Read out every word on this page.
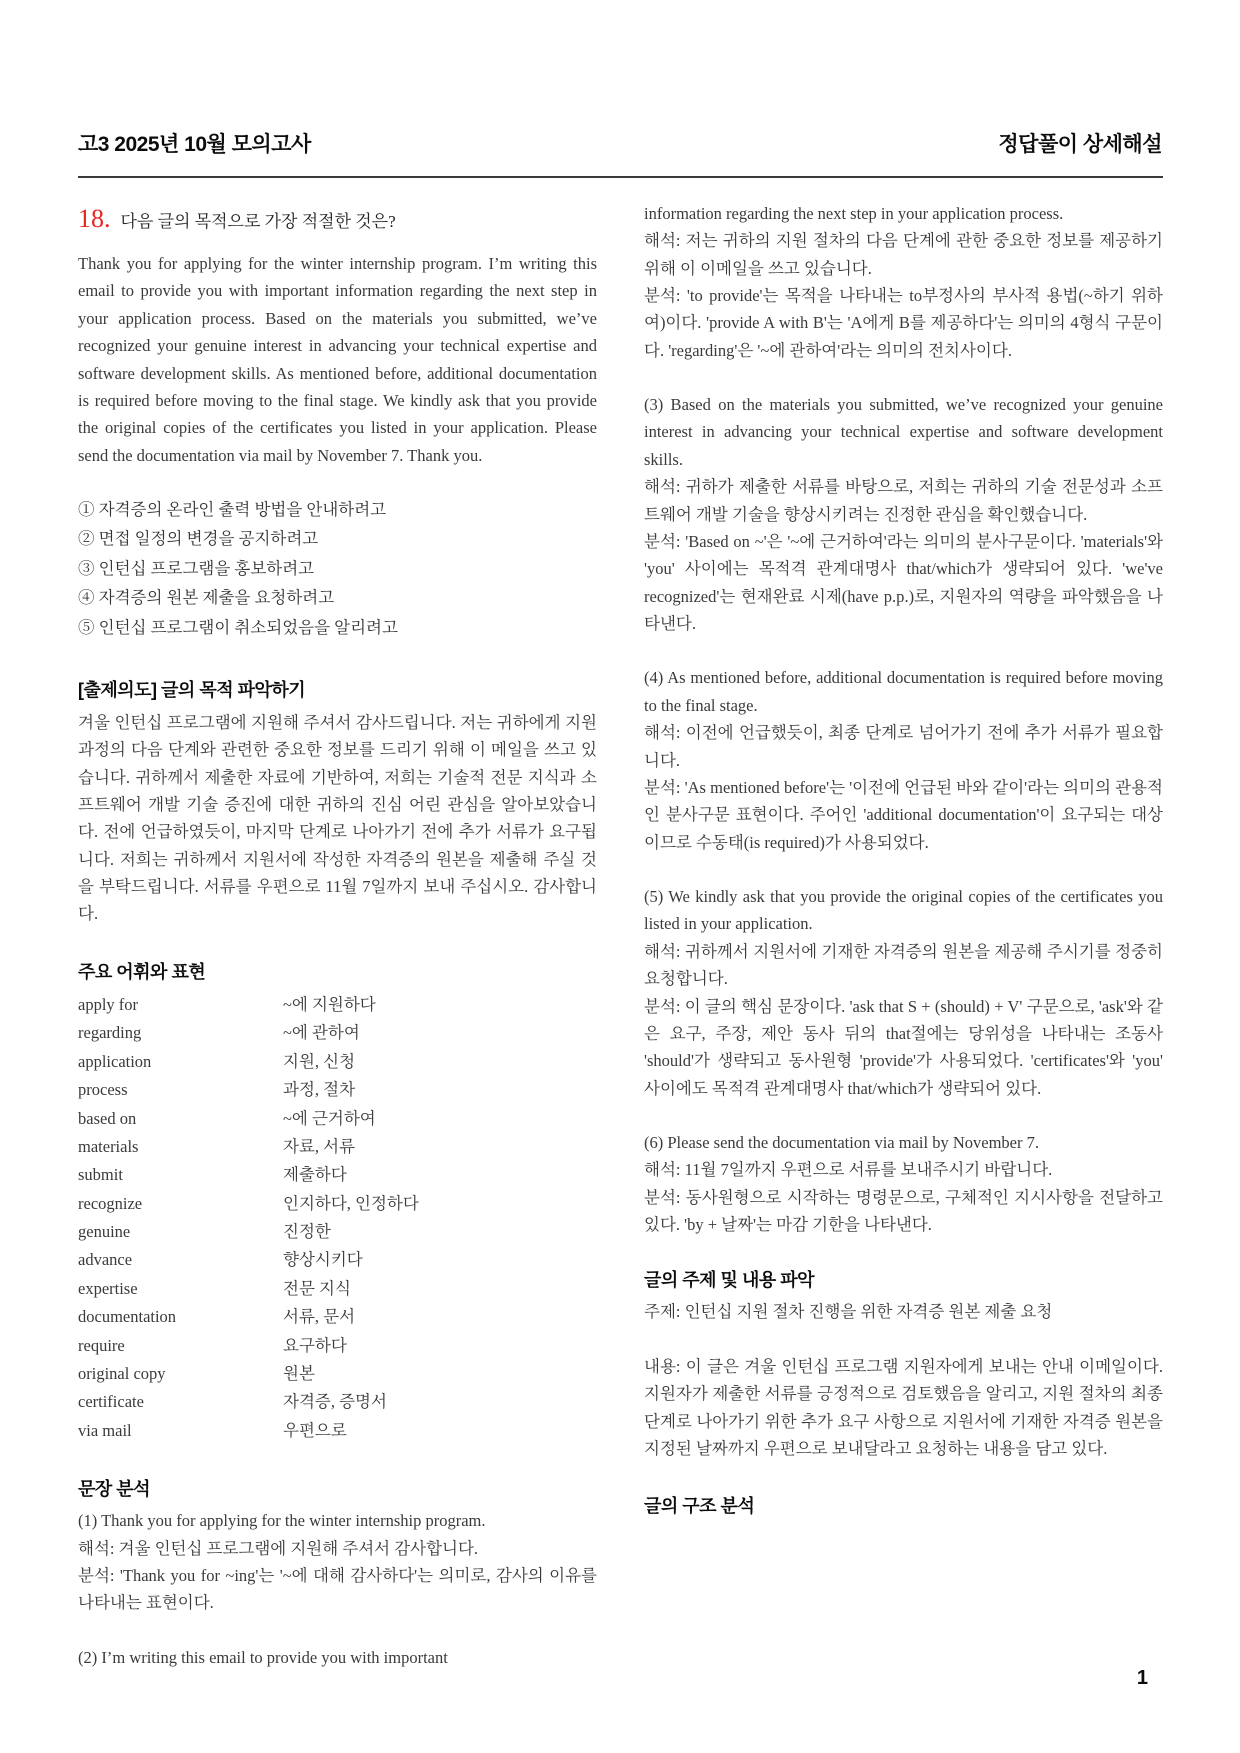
고3 2025년 10월 모의고사	정답풀이 상세해설
18. 다음 글의 목적으로 가장 적절한 것은?

Thank you for applying for the winter internship program. I’m writing this email to provide you with important information regarding the next step in your application process. Based on the materials you submitted, we’ve recognized your genuine interest in advancing your technical expertise and software development skills. As mentioned before, additional documentation is required before moving to the final stage. We kindly ask that you provide the original copies of the certificates you listed in your application. Please send the documentation via mail by November 7. Thank you.

① 자격증의 온라인 출력 방법을 안내하려고
② 면접 일정의 변경을 공지하려고
③ 인턴십 프로그램을 홍보하려고
④ 자격증의 원본 제출을 요청하려고
⑤ 인턴십 프로그램이 취소되었음을 알리려고
[출제의도] 글의 목적 파악하기

겨울 인턴십 프로그램에 지원해 주셔서 감사드립니다. 저는 귀하에게 지원 과정의 다음 단계와 관련한 중요한 정보를 드리기 위해 이 메일을 쓰고 있습니다. 귀하께서 제출한 자료에 기반하여, 저희는 기술적 전문 지식과 소프트웨어 개발 기술 증진에 대한 귀하의 진심 어린 관심을 알아보았습니다. 전에 언급하였듯이, 마지막 단계로 나아가기 전에 추가 서류가 요구됩니다. 저희는 귀하께서 지원서에 작성한 자격증의 원본을 제출해 주실 것을 부탁드립니다. 서류를 우편으로 11월 7일까지 보내 주십시오. 감사합니다.

주요 어휘와 표현
apply for	~에 지원하다
regarding	~에 관하여
application	지원, 신청
process	과정, 절차
based on	~에 근거하여
materials	자료, 서류
submit	제출하다
recognize	인지하다, 인정하다
genuine	진정한
advance	향상시키다
expertise	전문 지식
documentation	서류, 문서
require	요구하다
original copy	원본
certificate	자격증, 증명서
via mail	우편으로
문장 분석

(1) Thank you for applying for the winter internship program.

해석: 겨울 인턴십 프로그램에 지원해 주셔서 감사합니다.

분석: 'Thank you for ~ing'는 '~에 대해 감사하다'는 의미로, 감사의 이유를 나타내는 표현이다.

(2) I’m writing this email to provide you with important

information regarding the next step in your application process.

해석: 저는 귀하의 지원 절차의 다음 단계에 관한 중요한 정보를 제공하기 위해 이 이메일을 쓰고 있습니다.

분석: 'to provide'는 목적을 나타내는 to부정사의 부사적 용법(~하기 위하여)이다. 'provide A with B'는 'A에게 B를 제공하다'는 의미의 4형식 구문이다. 'regarding'은 '~에 관하여'라는 의미의 전치사이다.

(3) Based on the materials you submitted, we’ve recognized your genuine interest in advancing your technical expertise and software development skills.

해석: 귀하가 제출한 서류를 바탕으로, 저희는 귀하의 기술 전문성과 소프트웨어 개발 기술을 향상시키려는 진정한 관심을 확인했습니다.

분석: 'Based on ~'은 '~에 근거하여'라는 의미의 분사구문이다. 'materials'와 'you' 사이에는 목적격 관계대명사 that/which가 생략되어 있다. 'we've recognized'는 현재완료 시제(have p.p.)로, 지원자의 역량을 파악했음을 나타낸다.

(4) As mentioned before, additional documentation is required before moving to the final stage.

해석: 이전에 언급했듯이, 최종 단계로 넘어가기 전에 추가 서류가 필요합니다.

분석: 'As mentioned before'는 '이전에 언급된 바와 같이'라는 의미의 관용적인 분사구문 표현이다. 주어인 'additional documentation'이 요구되는 대상이므로 수동태(is required)가 사용되었다.

(5) We kindly ask that you provide the original copies of the certificates you listed in your application.

해석: 귀하께서 지원서에 기재한 자격증의 원본을 제공해 주시기를 정중히 요청합니다.

분석: 이 글의 핵심 문장이다. 'ask that S + (should) + V' 구문으로, 'ask'와 같은 요구, 주장, 제안 동사 뒤의 that절에는 당위성을 나타내는 조동사 'should'가 생략되고 동사원형 'provide'가 사용되었다. 'certificates'와 'you' 사이에도 목적격 관계대명사 that/which가 생략되어 있다.

(6) Please send the documentation via mail by November 7.

해석: 11월 7일까지 우편으로 서류를 보내주시기 바랍니다.

분석: 동사원형으로 시작하는 명령문으로, 구체적인 지시사항을 전달하고 있다. 'by + 날짜'는 마감 기한을 나타낸다.

글의 주제 및 내용 파악

주제: 인턴십 지원 절차 진행을 위한 자격증 원본 제출 요청

내용: 이 글은 겨울 인턴십 프로그램 지원자에게 보내는 안내 이메일이다. 지원자가 제출한 서류를 긍정적으로 검토했음을 알리고, 지원 절차의 최종 단계로 나아가기 위한 추가 요구 사항으로 지원서에 기재한 자격증 원본을 지정된 날짜까지 우편으로 보내달라고 요청하는 내용을 담고 있다.

글의 구조 분석
1
